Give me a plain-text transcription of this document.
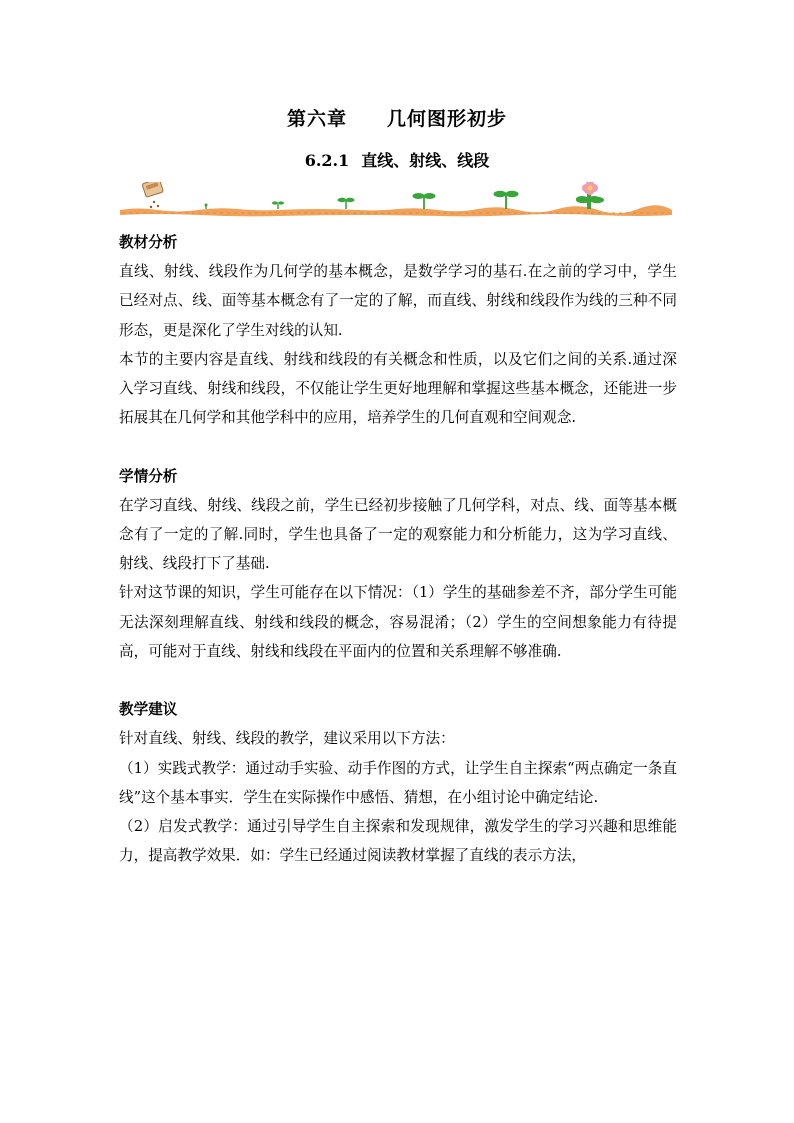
第六章 几何图形初步
6.2.1 直线、射线、线段
教材分析

直线、射线、线段作为几何学的基本概念，是数学学习的基石.在之前的学习中，学生已经对点、线、面等基本概念有了一定的了解，而直线、射线和线段作为线的三种不同形态，更是深化了学生对线的认知.

本节的主要内容是直线、射线和线段的有关概念和性质，以及它们之间的关系.通过深入学习直线、射线和线段，不仅能让学生更好地理解和掌握这些基本概念，还能进一步拓展其在几何学和其他学科中的应用，培养学生的几何直观和空间观念.

学情分析

在学习直线、射线、线段之前，学生已经初步接触了几何学科，对点、线、面等基本概念有了一定的了解.同时，学生也具备了一定的观察能力和分析能力，这为学习直线、射线、线段打下了基础.

针对这节课的知识，学生可能存在以下情况：（1）学生的基础参差不齐，部分学生可能无法深刻理解直线、射线和线段的概念，容易混淆；（2）学生的空间想象能力有待提高，可能对于直线、射线和线段在平面内的位置和关系理解不够准确.

教学建议

针对直线、射线、线段的教学，建议采用以下方法：

（1）实践式教学：通过动手实验、动手作图的方式，让学生自主探索“两点确定一条直线”这个基本事实．学生在实际操作中感悟、猜想，在小组讨论中确定结论.

（2）启发式教学：通过引导学生自主探索和发现规律，激发学生的学习兴趣和思维能力，提高教学效果．如：学生已经通过阅读教材掌握了直线的表示方法，
